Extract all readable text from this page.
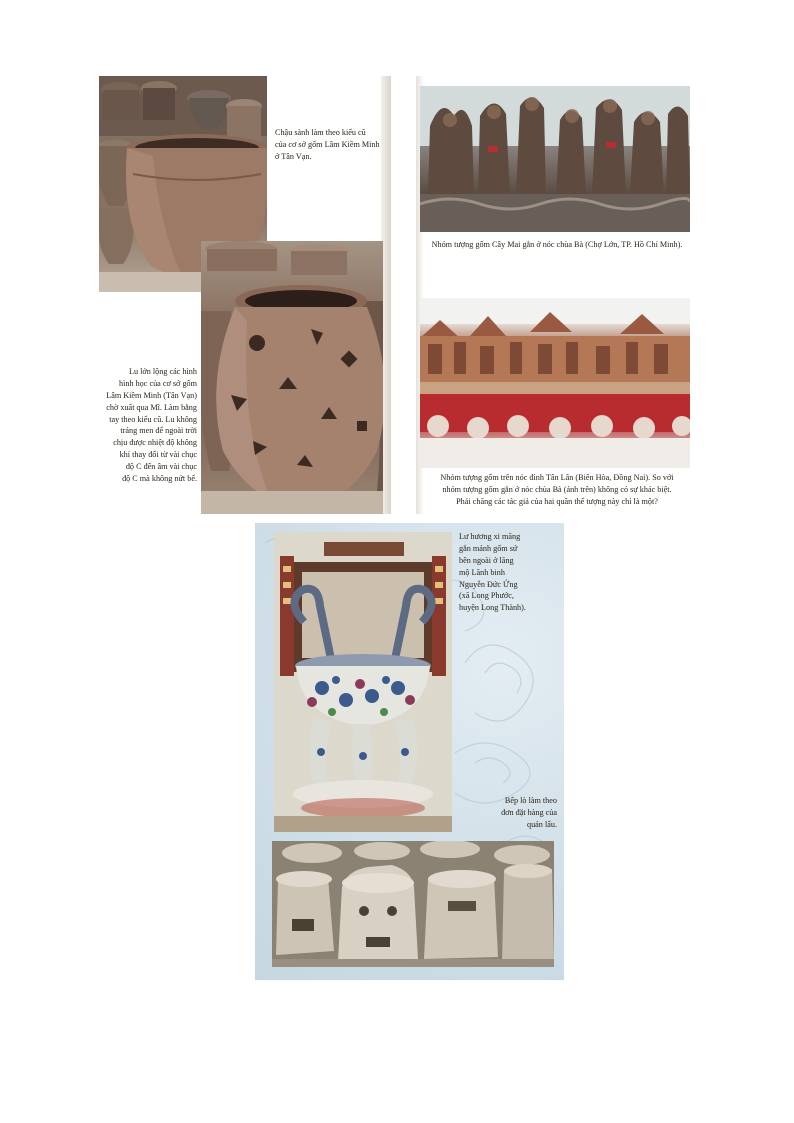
Chậu sành làm theo kiểu cũ
của cơ sở gốm Lâm Kiềm Minh
ở Tân Vạn.
Lu lớn lộng các hình
hình học của cơ sở gốm
Lâm Kiềm Minh (Tân Vạn)
chờ xuất qua Mĩ. Làm bằng
tay theo kiểu cũ. Lu không
tráng men để ngoài trời
chịu được nhiệt độ không
khí thay đổi từ vài chục
độ C đến âm vài chục
độ C mà không nứt bể.
Nhóm tượng gốm Cây Mai gắn ở nóc chùa Bà (Chợ Lớn, TP. Hồ Chí Minh).
Nhóm tượng gốm trên nóc đình Tân Lân (Biên Hòa, Đồng Nai). So với
nhóm tượng gốm gắn ở nóc chùa Bà (ảnh trên) không có sự khác biệt.
Phải chăng các tác giả của hai quần thể tượng này chỉ là một?
Lư hương xi măng
gắn mảnh gốm sứ
bên ngoài ở lăng
mộ Lãnh binh
Nguyễn Đức Ứng
(xã Long Phước,
huyện Long Thành).
Bếp lò làm theo
đơn đặt hàng của
quán lẩu.
